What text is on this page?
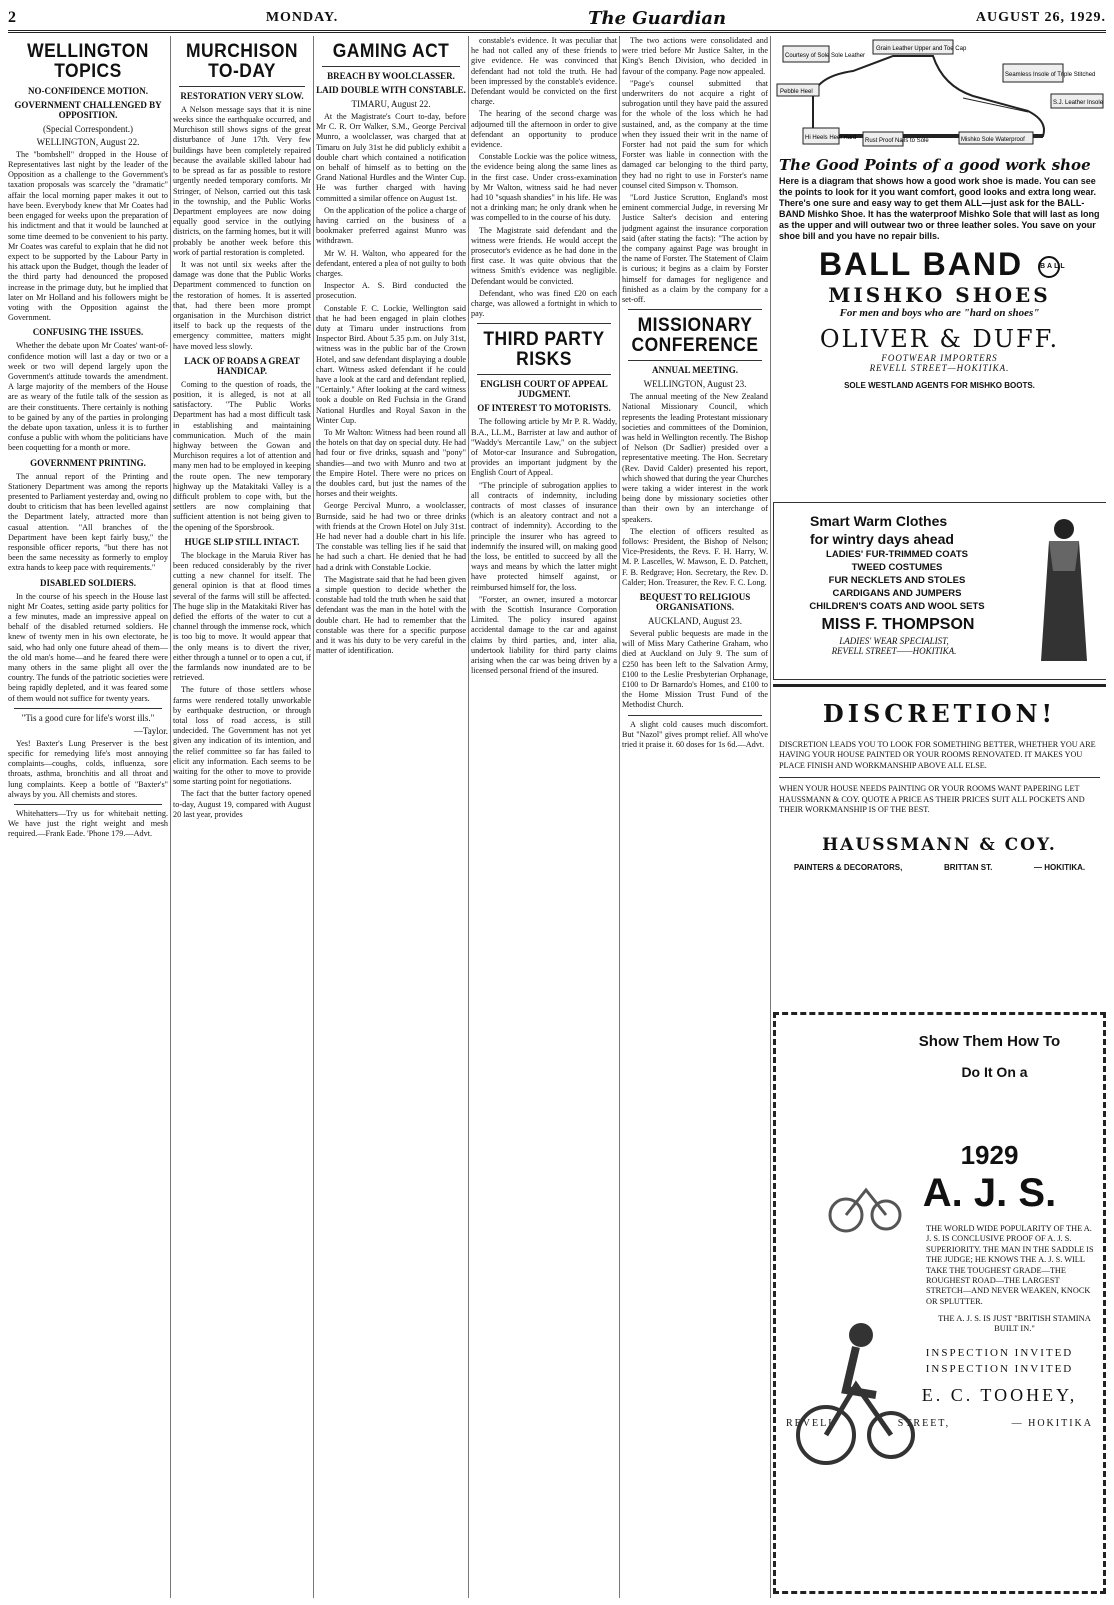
2	MONDAY.	The Guardian	AUGUST 26, 1929.
WELLINGTON TOPICS
NO-CONFIDENCE MOTION.
GOVERNMENT CHALLENGED BY OPPOSITION.
(Special Correspondent.)
WELLINGTON, August 22.

The "bombshell" dropped in the House of Representatives last night by the leader of the Opposition as a challenge to the Government's taxation proposals was scarcely the "dramatic" affair the local morning paper makes it out to have been. Everybody knew that Mr Coates had been engaged for weeks upon the preparation of his indictment and that it would be launched at some time deemed to be convenient to his party. Mr Coates was careful to explain that he did not expect to be supported by the Labour Party in his attack upon the Budget, though the leader of the third party had denounced the proposed increase in the primage duty, but he implied that later on Mr Holland and his followers might be voting with the Opposition against the Government.

CONFUSING THE ISSUES.

Whether the debate upon Mr Coates' want-of-confidence motion will last a day or two or a week or two will depend largely upon the Government's attitude towards the amendment. A large majority of the members of the House are as weary of the futile talk of the session as are their constituents. There certainly is nothing to be gained by any of the parties in prolonging the debate upon taxation, unless it is to further confuse a public with whom the politicians have been coquetting for a month or more.

GOVERNMENT PRINTING.

The annual report of the Printing and Stationery Department was among the reports presented to Parliament yesterday and, owing no doubt to criticism that has been levelled against the Department lately, attracted more than casual attention. "All branches of the Department have been kept fairly busy," the responsible officer reports, "but there has not been the same necessity as formerly to employ extra hands to keep pace with requirements."

DISABLED SOLDIERS.

In the course of his speech in the House last night Mr Coates, setting aside party politics for a few minutes, made an impressive appeal on behalf of the disabled returned soldiers. He knew of twenty men in his own electorate, he said, who had only one future ahead of them—the old man's home—and he feared there were many others in the same plight all over the country. The funds of the patriotic societies were being rapidly depleted, and it was feared some of them would not suffice for twenty years.

"Tis a good cure for life's worst ills."
—Taylor.

Yes! Baxter's Lung Preserver is the best specific for remedying life's most annoying complaints—coughs, colds, influenza, sore throats, asthma, bronchitis and all throat and lung complaints. Keep a bottle of "Baxter's" always by you. All chemists and stores.

Whitehatters—Try us for whitebait netting. We have just the right weight and mesh required.—Frank Eade. 'Phone 179.—Advt.

MURCHISON TO-DAY
RESTORATION VERY SLOW.

A Nelson message says that it is nine weeks since the earthquake occurred, and Murchison still shows signs of the great disturbance of June 17th. Very few buildings have been completely repaired because the available skilled labour had to be spread as far as possible to restore urgently needed temporary comforts. Mr Stringer, of Nelson, carried out this task in the township, and the Public Works Department employees are now doing equally good service in the outlying districts, on the farming homes, but it will probably be another week before this work of partial restoration is completed.

It was not until six weeks after the damage was done that the Public Works Department commenced to function on the restoration of homes. It is asserted that, had there been more prompt organisation in the Murchison district itself to back up the requests of the emergency committee, matters might have moved less slowly.

LACK OF ROADS A GREAT HANDICAP.

Coming to the question of roads, the position, it is alleged, is not at all satisfactory. "The Public Works Department has had a most difficult task in establishing and maintaining communication. Much of the main highway between the Gowan and Murchison requires a lot of attention and many men had to be employed in keeping the route open. The new temporary highway up the Matakitaki Valley is a difficult problem to cope with, but the settlers are now complaining that sufficient attention is not being given to the opening of the Sporsbrook.

HUGE SLIP STILL INTACT.

The blockage in the Maruia River has been reduced considerably by the river cutting a new channel for itself. The general opinion is that at flood times several of the farms will still be affected. The huge slip in the Matakitaki River has defied the efforts of the water to cut a channel through the immense rock, which is too big to move. It would appear that the only means is to divert the river, either through a tunnel or to open a cut, if the farmlands now inundated are to be retrieved.

The future of those settlers whose farms were rendered totally unworkable by earthquake destruction, or through total loss of road access, is still undecided. The Government has not yet given any indication of its intention, and the relief committee so far has failed to elicit any information. Each seems to be waiting for the other to move to provide some starting point for negotiations.

The fact that the butter factory opened to-day, August 19, compared with August 20 last year, provides

GAMING ACT
BREACH BY WOOLCLASSER.
LAID DOUBLE WITH CONSTABLE.
TIMARU, August 22.

At the Magistrate's Court to-day, before Mr C. R. Orr Walker, S.M., George Percival Munro, a woolclasser, was charged that at Timaru on July 31st he did publicly exhibit a double chart which contained a notification on behalf of himself as to betting on the Grand National Hurdles and the Winter Cup. He was further charged with having committed a similar offence on August 1st.

On the application of the police a charge of having carried on the business of a bookmaker preferred against Munro was withdrawn.

Mr W. H. Walton, who appeared for the defendant, entered a plea of not guilty to both charges.

Inspector A. S. Bird conducted the prosecution.

Constable F. C. Lockie, Wellington said that he had been engaged in plain clothes duty at Timaru under instructions from Inspector Bird. About 5.35 p.m. on July 31st, witness was in the public bar of the Crown Hotel, and saw defendant displaying a double chart. Witness asked defendant if he could have a look at the card and defendant replied, "Certainly." After looking at the card witness took a double on Red Fuchsia in the Grand National Hurdles and Royal Saxon in the Winter Cup.

To Mr Walton: Witness had been round all the hotels on that day on special duty. He had had four or five drinks, squash and "pony" shandies—and two with Munro and two at the Empire Hotel. There were no prices on the doubles card, but just the names of the horses and their weights.

George Percival Munro, a woolclasser, Burnside, said he had two or three drinks with friends at the Crown Hotel on July 31st. He had never had a double chart in his life. The constable was telling lies if he said that he had such a chart. He denied that he had had a drink with Constable Lockie.

The Magistrate said that he had been given a simple question to decide whether the constable had told the truth when he said that defendant was the man in the hotel with the double chart. He had to remember that the constable was there for a specific purpose and it was his duty to be very careful in the matter of identification.

constable's evidence. It was peculiar that he had not called any of these friends to give evidence. He was convinced that defendant had not told the truth. He had been impressed by the constable's evidence. Defendant would be convicted on the first charge.

The hearing of the second charge was adjourned till the afternoon in order to give defendant an opportunity to produce evidence.

Constable Lockie was the police witness, the evidence being along the same lines as in the first case. Under cross-examination by Mr Walton, witness said he had never had 10 "squash shandies" in his life. He was not a drinking man; he only drank when he was compelled to in the course of his duty.

The Magistrate said defendant and the witness were friends. He would accept the prosecutor's evidence as he had done in the first case. It was quite obvious that the witness Smith's evidence was negligible. Defendant would be convicted.

Defendant, who was fined £20 on each charge, was allowed a fortnight in which to pay.

THIRD PARTY RISKS
ENGLISH COURT OF APPEAL JUDGMENT.
OF INTEREST TO MOTORISTS.

The following article by Mr P. R. Waddy, B.A., LL.M., Barrister at law and author of "Waddy's Mercantile Law," on the subject of Motor-car Insurance and Subrogation, provides an important judgment by the English Court of Appeal.

"The principle of subrogation applies to all contracts of indemnity, including contracts of most classes of insurance (which is an aleatory contract and not a contract of indemnity). According to the principle the insurer who has agreed to indemnify the insured will, on making good the loss, be entitled to succeed by all the ways and means by which the latter might have protected himself against, or reimbursed himself for, the loss.

"Forster, an owner, insured a motorcar with the Scottish Insurance Corporation Limited. The policy insured against accidental damage to the car and against claims by third parties, and, inter alia, undertook liability for third party claims arising when the car was being driven by a licensed personal friend of the insured.

The two actions were consolidated and were tried before Mr Justice Salter, in the King's Bench Division, who decided in favour of the company. Page now appealed.

"Page's counsel submitted that underwriters do not acquire a right of subrogation until they have paid the assured for the whole of the loss which he had sustained, and, as the company at the time when they issued their writ in the name of Forster had not paid the sum for which Forster was liable in connection with the damaged car belonging to the third party, they had no right to use in Forster's name counsel cited Simpson v. Thomson.

"Lord Justice Scrutton, England's most eminent commercial Judge, in reversing Mr Justice Salter's decision and entering judgment against the insurance corporation said (after stating the facts): "The action by the company against Page was brought in the name of Forster. The Statement of Claim is curious; it begins as a claim by Forster himself for damages for negligence and finished as a claim by the company for a set-off.

MISSIONARY CONFERENCE
ANNUAL MEETING.
WELLINGTON, August 23.

The annual meeting of the New Zealand National Missionary Council, which represents the leading Protestant missionary societies and committees of the Dominion, was held in Wellington recently. The Bishop of Nelson (Dr Sadlier) presided over a representative meeting. The Hon. Secretary (Rev. David Calder) presented his report, which showed that during the year Churches were taking a wider interest in the work being done by missionary societies other than their own by an interchange of speakers.

The election of officers resulted as follows: President, the Bishop of Nelson; Vice-Presidents, the Revs. F. H. Harry, W. M. P. Lascelles, W. Mawson, E. D. Patchett, F. B. Redgrave; Hon. Secretary, the Rev. D. Calder; Hon. Treasurer, the Rev. F. C. Long.

BEQUEST TO RELIGIOUS ORGANISATIONS.
AUCKLAND, August 23.

Several public bequests are made in the will of Miss Mary Catherine Graham, who died at Auckland on July 9. The sum of £250 has been left to the Salvation Army, £100 to the Leslie Presbyterian Orphanage, £100 to Dr Barnardo's Homes, and £100 to the Home Mission Trust Fund of the Methodist Church.

A slight cold causes much discomfort. But "Nazol" gives prompt relief. All who've tried it praise it. 60 doses for 1s 6d.—Advt.

Courtesy of Sole Sole Leather
Grain Leather Upper and Toe Cap
Seamless Insole of Triple Stitched
Pebble Heel
S.J. Leather Insole
Hi Heels Heel Hard Rust Proof Nails to Sole	Mishko Sole Waterproof
The Good Points of a good work shoe
Here is a diagram that shows how a good work shoe is made. You can see the points to look for it you want comfort, good looks and extra long wear. There's one sure and easy way to get them ALL—just ask for the BALL-BAND Mishko Shoe. It has the waterproof Mishko Sole that will last as long as the upper and will outwear two or three leather soles. You save on your shoe bill and you have no repair bills.
BALL BAND BALL
MISHKO SHOES
For men and boys who are "hard on shoes"
OLIVER & DUFF.
FOOTWEAR IMPORTERS
REVELL STREET—HOKITIKA.
SOLE WESTLAND AGENTS FOR MISHKO BOOTS.
Smart Warm Clothes
for wintry days ahead
LADIES' FUR-TRIMMED COATS
TWEED COSTUMES
FUR NECKLETS AND STOLES
CARDIGANS AND JUMPERS
CHILDREN'S COATS AND WOOL SETS
MISS F. THOMPSON
LADIES' WEAR SPECIALIST,
REVELL STREET——HOKITIKA.
DISCRETION!
DISCRETION LEADS YOU TO LOOK FOR SOMETHING BETTER, WHETHER YOU ARE HAVING YOUR HOUSE PAINTED OR YOUR ROOMS RENOVATED. IT MAKES YOU PLACE FINISH AND WORKMANSHIP ABOVE ALL ELSE.
WHEN YOUR HOUSE NEEDS PAINTING OR YOUR ROOMS WANT PAPERING LET HAUSSMANN & COY. QUOTE A PRICE AS THEIR PRICES SUIT ALL POCKETS AND THEIR WORKMANSHIP IS OF THE BEST.
HAUSSMANN & COY.
PAINTERS & DECORATORS,	BRITTAN ST.	— HOKITIKA.
Show Them How To
Do It On a
1929
A. J. S.
THE WORLD WIDE POPULARITY OF THE A. J. S. IS CONCLUSIVE PROOF OF A. J. S. SUPERIORITY. THE MAN IN THE SADDLE IS THE JUDGE; HE KNOWS THE A. J. S. WILL TAKE THE TOUGHEST GRADE—THE ROUGHEST ROAD—THE LARGEST STRETCH—AND NEVER WEAKEN, KNOCK OR SPLUTTER.
THE A. J. S. IS JUST "BRITISH STAMINA BUILT IN."
INSPECTION INVITED
INSPECTION INVITED
E. C. TOOHEY,
REVELL	STREET,	— HOKITIKA
